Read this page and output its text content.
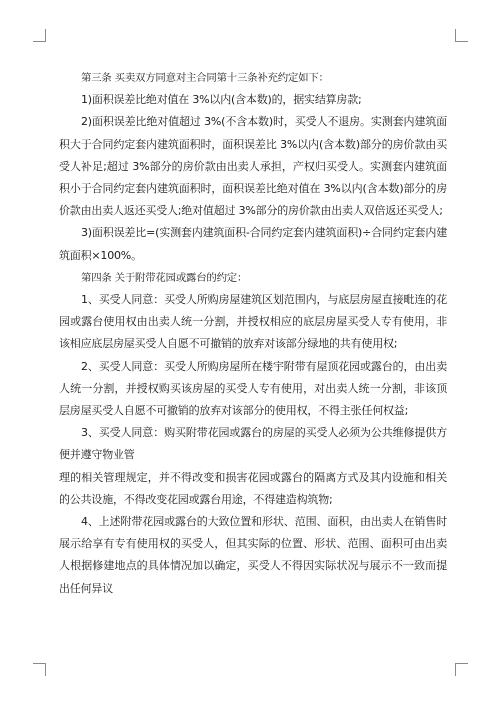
第三条 买卖双方同意对主合同第十三条补充约定如下：

1)面积误差比绝对值在 3%以内(含本数)的，据实结算房款;

2)面积误差比绝对值超过 3%(不含本数)时，买受人不退房。实测套内建筑面积大于合同约定套内建筑面积时，面积误差比 3%以内(含本数)部分的房价款由买受人补足;超过 3%部分的房价款由出卖人承担，产权归买受人。实测套内建筑面积小于合同约定套内建筑面积时，面积误差比绝对值在 3%以内(含本数)部分的房价款由出卖人返还买受人;绝对值超过 3%部分的房价款由出卖人双倍返还买受人;

3)面积误差比=(实测套内建筑面积-合同约定套内建筑面积)÷合同约定套内建筑面积×100%。

第四条 关于附带花园或露台的约定：

1、买受人同意：买受人所购房屋建筑区划范围内，与底层房屋直接毗连的花园或露台使用权由出卖人统一分割，并授权相应的底层房屋买受人专有使用，非该相应底层房屋买受人自愿不可撤销的放弃对该部分绿地的共有使用权;

2、买受人同意：买受人所购房屋所在楼宇附带有屋顶花园或露台的，由出卖人统一分割，并授权购买该房屋的买受人专有使用，对出卖人统一分割，非该顶层房屋买受人自愿不可撤销的放弃对该部分的使用权，不得主张任何权益;

3、买受人同意：购买附带花园或露台的房屋的买受人必须为公共维修提供方便并遵守物业管

理的相关管理规定，并不得改变和损害花园或露台的隔离方式及其内设施和相关的公共设施，不得改变花园或露台用途，不得建造构筑物;

4、上述附带花园或露台的大致位置和形状、范围、面积，由出卖人在销售时展示给享有专有使用权的买受人，但其实际的位置、形状、范围、面积可由出卖人根据修建地点的具体情况加以确定，买受人不得因实际状况与展示不一致而提出任何异议
